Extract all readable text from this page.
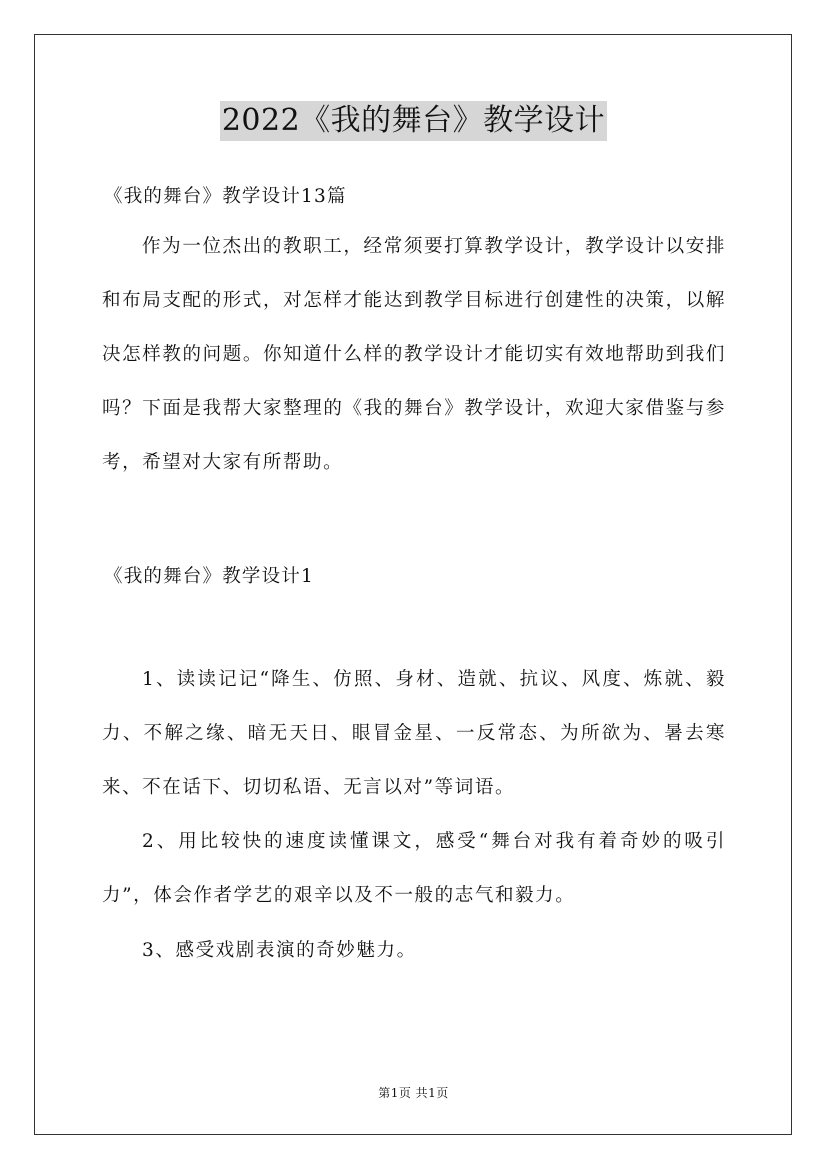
2022《我的舞台》教学设计
《我的舞台》教学设计13篇
作为一位杰出的教职工，经常须要打算教学设计，教学设计以安排和布局支配的形式，对怎样才能达到教学目标进行创建性的决策，以解决怎样教的问题。你知道什么样的教学设计才能切实有效地帮助到我们吗？下面是我帮大家整理的《我的舞台》教学设计，欢迎大家借鉴与参考，希望对大家有所帮助。
《我的舞台》教学设计1
1、读读记记“降生、仿照、身材、造就、抗议、风度、炼就、毅力、不解之缘、暗无天日、眼冒金星、一反常态、为所欲为、暑去寒来、不在话下、切切私语、无言以对”等词语。
2、用比较快的速度读懂课文，感受“舞台对我有着奇妙的吸引力”，体会作者学艺的艰辛以及不一般的志气和毅力。
3、感受戏剧表演的奇妙魅力。
第1页 共1页
